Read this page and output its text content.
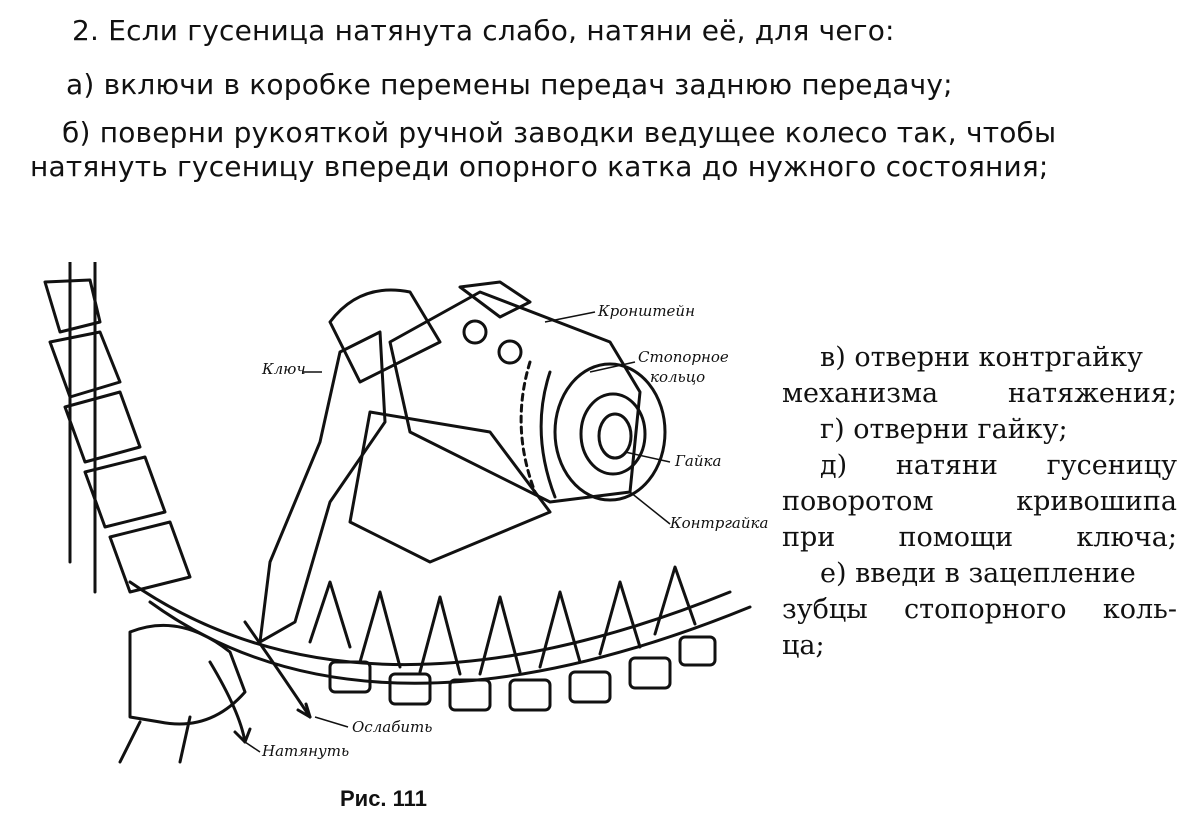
2. Если гусеница натянута слабо, натяни её, для чего:
а) включи в коробке перемены передач заднюю передачу;
б) поверни рукояткой ручной заводки ведущее колесо так, чтобы
натянуть гусеницу впереди опорного катка до нужного состояния;

в) отверни контргайку

механизма натяжения;

г) отверни гайку;

д) натяни гусеницу

поворотом кривошипа

при помощи ключа;

е) введи в зацепление

зубцы стопорного коль-

ца;

Кронштейн
Стопорное
кольцо
Ключ
Гайка
Контргайка
Ослабить
Натянуть
Рис. 111
